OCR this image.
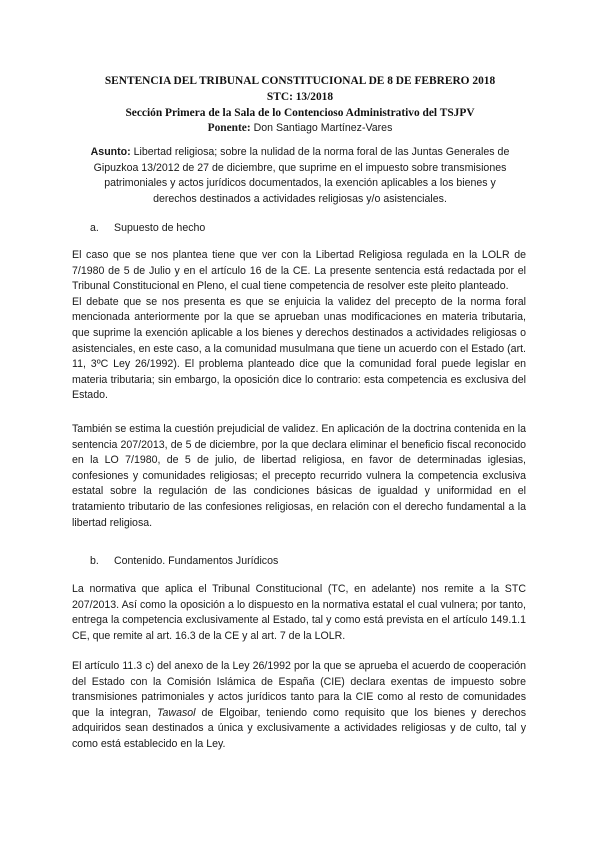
SENTENCIA DEL TRIBUNAL CONSTITUCIONAL DE 8 DE FEBRERO 2018
STC: 13/2018
Sección Primera de la Sala de lo Contencioso Administrativo del TSJPV
Ponente: Don Santiago Martínez-Vares
Asunto: Libertad religiosa; sobre la nulidad de la norma foral de las Juntas Generales de Gipuzkoa 13/2012 de 27 de diciembre, que suprime en el impuesto sobre transmisiones patrimoniales y actos jurídicos documentados, la exención aplicables a los bienes y derechos destinados a actividades religiosas y/o asistenciales.
a. Supuesto de hecho

El caso que se nos plantea tiene que ver con la Libertad Religiosa regulada en la LOLR de 7/1980 de 5 de Julio y en el artículo 16 de la CE. La presente sentencia está redactada por el Tribunal Constitucional en Pleno, el cual tiene competencia de resolver este pleito planteado.

El debate que se nos presenta es que se enjuicia la validez del precepto de la norma foral mencionada anteriormente por la que se aprueban unas modificaciones en materia tributaria, que suprime la exención aplicable a los bienes y derechos destinados a actividades religiosas o asistenciales, en este caso, a la comunidad musulmana que tiene un acuerdo con el Estado (art. 11, 3ºC Ley 26/1992). El problema planteado dice que la comunidad foral puede legislar en materia tributaria; sin embargo, la oposición dice lo contrario: esta competencia es exclusiva del Estado.

También se estima la cuestión prejudicial de validez. En aplicación de la doctrina contenida en la sentencia 207/2013, de 5 de diciembre, por la que declara eliminar el beneficio fiscal reconocido en la LO 7/1980, de 5 de julio, de libertad religiosa, en favor de determinadas iglesias, confesiones y comunidades religiosas; el precepto recurrido vulnera la competencia exclusiva estatal sobre la regulación de las condiciones básicas de igualdad y uniformidad en el tratamiento tributario de las confesiones religiosas, en relación con el derecho fundamental a la libertad religiosa.
b. Contenido. Fundamentos Jurídicos
La normativa que aplica el Tribunal Constitucional (TC, en adelante) nos remite a la STC 207/2013. Así como la oposición a lo dispuesto en la normativa estatal el cual vulnera; por tanto, entrega la competencia exclusivamente al Estado, tal y como está prevista en el artículo 149.1.1 CE, que remite al art. 16.3 de la CE y al art. 7 de la LOLR.
El artículo 11.3 c) del anexo de la Ley 26/1992 por la que se aprueba el acuerdo de cooperación del Estado con la Comisión Islámica de España (CIE) declara exentas de impuesto sobre transmisiones patrimoniales y actos jurídicos tanto para la CIE como al resto de comunidades que la integran, Tawasol de Elgoibar, teniendo como requisito que los bienes y derechos adquiridos sean destinados a única y exclusivamente a actividades religiosas y de culto, tal y como está establecido en la Ley.
